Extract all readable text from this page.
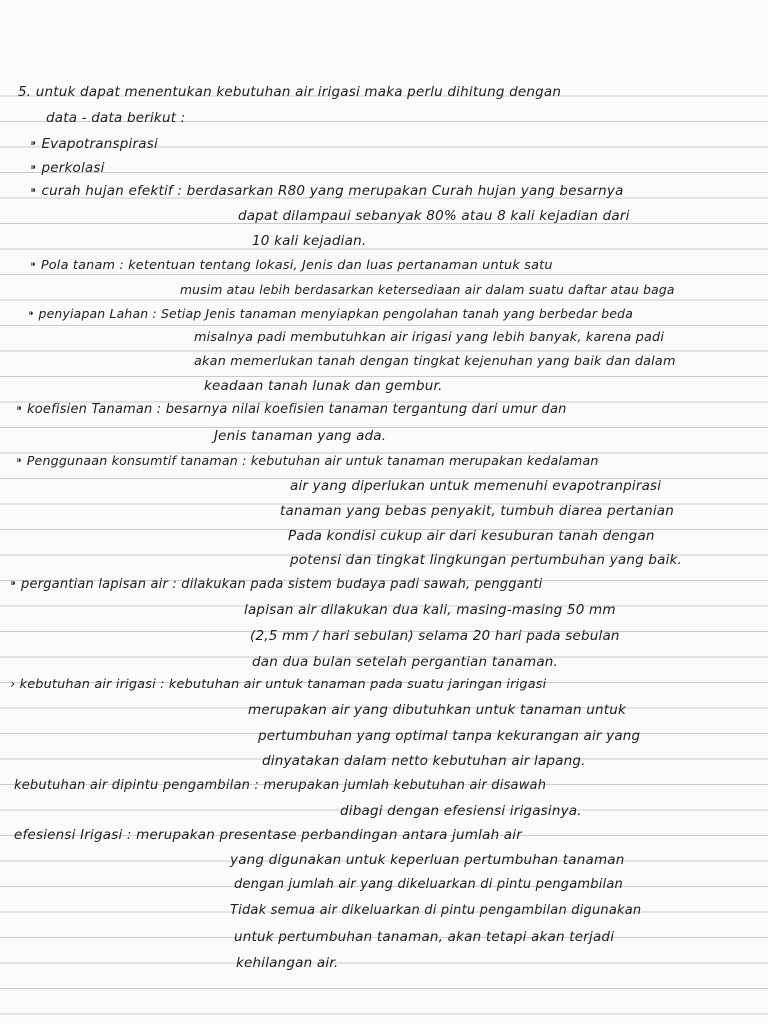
5. untuk dapat menentukan kebutuhan air irigasi maka perlu dihitung dengan
data - data berikut :
⁍ Evapotranspirasi
⁍ perkolasi
⁍ curah hujan efektif : berdasarkan R80 yang merupakan Curah hujan yang besarnya
dapat dilampaui sebanyak 80% atau 8 kali kejadian dari
10 kali kejadian.
⁍ Pola tanam : ketentuan tentang lokasi, Jenis dan luas pertanaman untuk satu
musim atau lebih berdasarkan ketersediaan air dalam suatu daftar atau baga
⁍ penyiapan Lahan : Setiap Jenis tanaman menyiapkan pengolahan tanah yang berbedar beda
misalnya padi membutuhkan air irigasi yang lebih banyak, karena padi
akan memerlukan tanah dengan tingkat kejenuhan yang baik dan dalam
keadaan tanah lunak dan gembur.
⁍ koefisien Tanaman : besarnya nilai koefisien tanaman tergantung dari umur dan
Jenis tanaman yang ada.
⁍ Penggunaan konsumtif tanaman : kebutuhan air untuk tanaman merupakan kedalaman
air yang diperlukan untuk memenuhi evapotranpirasi
tanaman yang bebas penyakit, tumbuh diarea pertanian
Pada kondisi cukup air dari kesuburan tanah dengan
potensi dan tingkat lingkungan pertumbuhan yang baik.
⁍ pergantian lapisan air : dilakukan pada sistem budaya padi sawah, pengganti
lapisan air dilakukan dua kali, masing-masing 50 mm
(2,5 mm / hari sebulan) selama 20 hari pada sebulan
dan dua bulan setelah pergantian tanaman.
› kebutuhan air irigasi : kebutuhan air untuk tanaman pada suatu jaringan irigasi
merupakan air yang dibutuhkan untuk tanaman untuk
pertumbuhan yang optimal tanpa kekurangan air yang
dinyatakan dalam netto kebutuhan air lapang.
kebutuhan air dipintu pengambilan : merupakan jumlah kebutuhan air disawah
dibagi dengan efesiensi irigasinya.
efesiensi Irigasi : merupakan presentase perbandingan antara jumlah air
yang digunakan untuk keperluan pertumbuhan tanaman
dengan jumlah air yang dikeluarkan di pintu pengambilan
Tidak semua air dikeluarkan di pintu pengambilan digunakan
untuk pertumbuhan tanaman, akan tetapi akan terjadi
kehilangan air.
